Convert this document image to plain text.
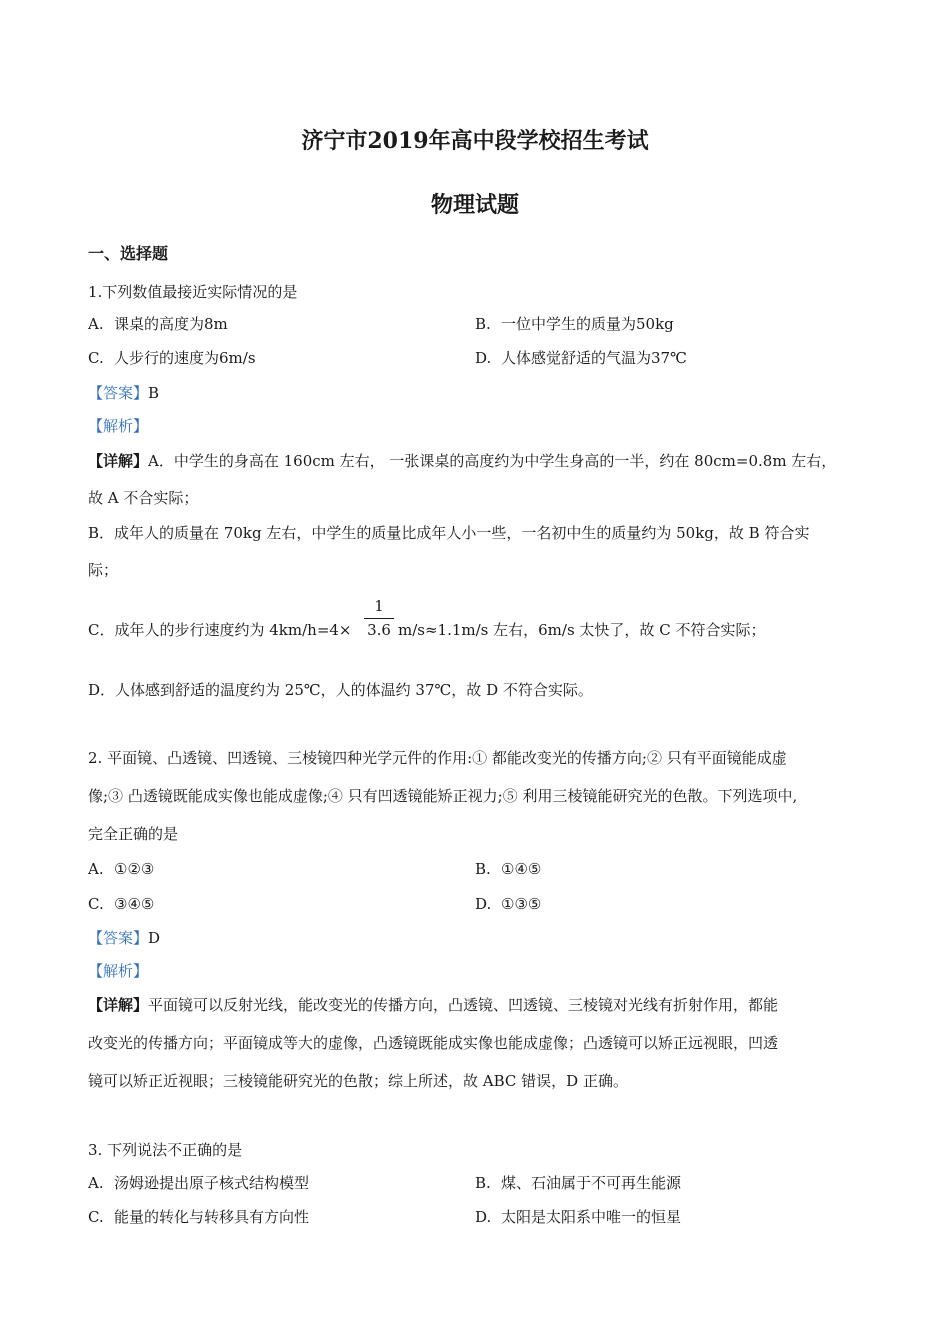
济宁市2019年高中段学校招生考试
物理试题
一、选择题
1.下列数值最接近实际情况的是
A. 课桌的高度为8m	B. 一位中学生的质量为50kg
C. 人步行的速度为6m/s	D. 人体感觉舒适的气温为37℃
【答案】B
【解析】
【详解】A．中学生的身高在 160cm 左右， 一张课桌的高度约为中学生身高的一半，约在 80cm=0.8m 左右，
故 A 不合实际；
B．成年人的质量在 70kg 左右，中学生的质量比成年人小一些，一名初中生的质量约为 50kg，故 B 符合实
际；
C．成年人的步行速度约为 4km/h=4×
1
3.6 m/s≈1.1m/s 左右，6m/s 太快了，故 C 不符合实际；
D．人体感到舒适的温度约为 25℃，人的体温约 37℃，故 D 不符合实际。
2. 平面镜、凸透镜、凹透镜、三棱镜四种光学元件的作用:① 都能改变光的传播方向;② 只有平面镜能成虚
像;③ 凸透镜既能成实像也能成虚像;④ 只有凹透镜能矫正视力;⑤ 利用三棱镜能研究光的色散。下列选项中,
完全正确的是
A. ①②③	B. ①④⑤
C. ③④⑤	D. ①③⑤
【答案】D
【解析】
【详解】平面镜可以反射光线，能改变光的传播方向，凸透镜、凹透镜、三棱镜对光线有折射作用，都能
改变光的传播方向；平面镜成等大的虚像，凸透镜既能成实像也能成虚像；凸透镜可以矫正远视眼，凹透
镜可以矫正近视眼；三棱镜能研究光的色散；综上所述，故 ABC 错误，D 正确。
3. 下列说法不正确的是
A. 汤姆逊提出原子核式结构模型	B. 煤、石油属于不可再生能源
C. 能量的转化与转移具有方向性	D. 太阳是太阳系中唯一的恒星
